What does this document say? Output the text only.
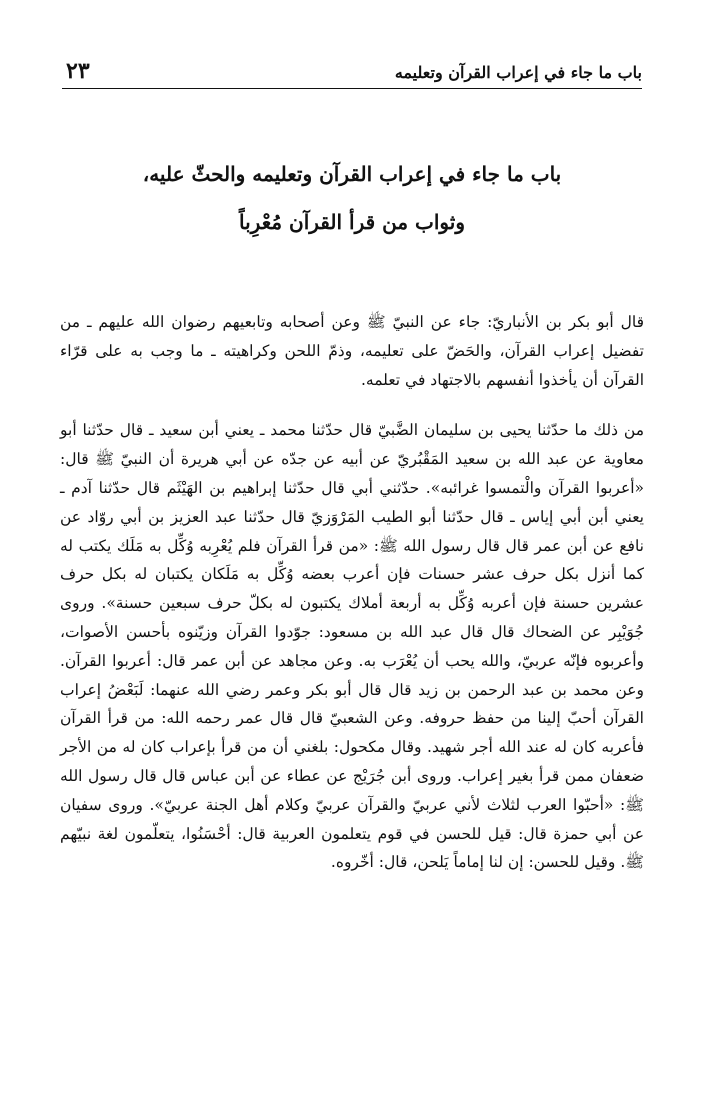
باب ما جاء في إعراب القرآن وتعليمه
٢٣
باب ما جاء في إعراب القرآن وتعليمه والحثّ عليه،
وثواب من قرأ القرآن مُعْرِباً

قال أبو بكر بن الأنباريّ: جاء عن النبيّ ﷺ وعن أصحابه وتابعيهم رضوان الله عليهم ـ من تفضيل إعراب القرآن، والحَضّ على تعليمه، وذمّ اللحن وكراهيته ـ ما وجب به على قرّاء القرآن أن يأخذوا أنفسهم بالاجتهاد في تعلمه.

من ذلك ما حدّثنا يحيى بن سليمان الضَّبيّ قال حدّثنا محمد ـ يعني أبن سعيد ـ قال حدّثنا أبو معاوية عن عبد الله بن سعيد المَقْبُريّ عن أبيه عن جدّه عن أبي هريرة أن النبيّ ﷺ قال: «أعربوا القرآن والْتمسوا غرائبه». حدّثني أبي قال حدّثنا إبراهيم بن الهَيْثَم قال حدّثنا آدم ـ يعني أبن أبي إياس ـ قال حدّثنا أبو الطيب المَرْوَزيّ قال حدّثنا عبد العزيز بن أبي روّاد عن نافع عن أبن عمر قال قال رسول الله ﷺ: «من قرأ القرآن فلم يُعْرِبه وُكِّل به مَلَك يكتب له كما أنزل بكل حرف عشر حسنات فإن أعرب بعضه وُكِّل به مَلَكان يكتبان له بكل حرف عشرين حسنة فإن أعربه وُكِّل به أربعة أملاك يكتبون له بكلّ حرف سبعين حسنة». وروى جُوَيْبِر عن الضحاك قال قال عبد الله بن مسعود: جوّدوا القرآن وزيّنوه بأحسن الأصوات، وأعربوه فإنّه عربيّ، والله يحب أن يُعْرَب به. وعن مجاهد عن أبن عمر قال: أعربوا القرآن. وعن محمد بن عبد الرحمن بن زيد قال قال أبو بكر وعمر رضي الله عنهما: لَبَعْضُ إعراب القرآن أحبّ إلينا من حفظ حروفه. وعن الشعبيّ قال قال عمر رحمه الله: من قرأ القرآن فأعربه كان له عند الله أجر شهيد. وقال مكحول: بلغني أن من قرأ بإعراب كان له من الأجر ضعفان ممن قرأ بغير إعراب. وروى أبن جُرَيْج عن عطاء عن أبن عباس قال قال رسول الله ﷺ: «أحبّوا العرب لثلاث لأني عربيّ والقرآن عربيّ وكلام أهل الجنة عربيّ». وروى سفيان عن أبي حمزة قال: قيل للحسن في قوم يتعلمون العربية قال: أحْسَنُوا، يتعلّمون لغة نبيّهم ﷺ. وقيل للحسن: إن لنا إماماً يَلحن، قال: أخّروه.
